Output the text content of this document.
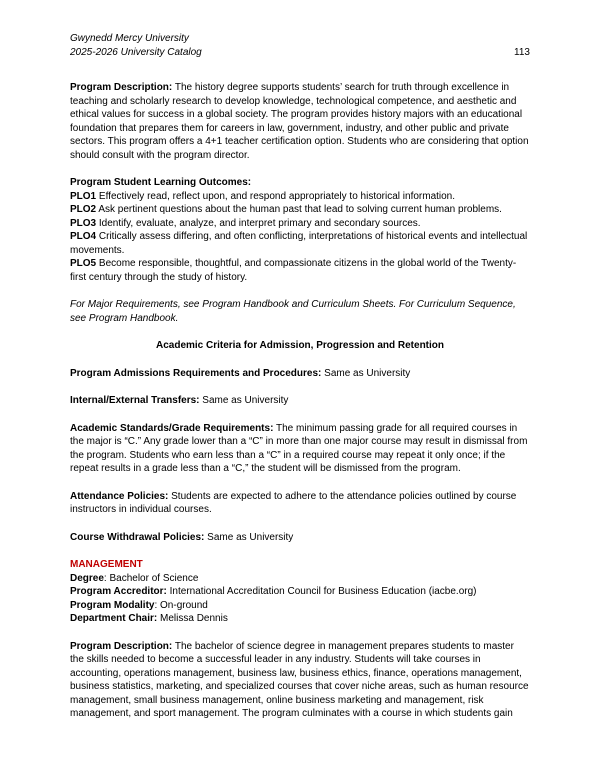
Gwynedd Mercy University
2025-2026 University Catalog	113

Program Description: The history degree supports students’ search for truth through excellence in teaching and scholarly research to develop knowledge, technological competence, and aesthetic and ethical values for success in a global society. The program provides history majors with an educational foundation that prepares them for careers in law, government, industry, and other public and private sectors. This program offers a 4+1 teacher certification option. Students who are considering that option should consult with the program director.

Program Student Learning Outcomes:

PLO1 Effectively read, reflect upon, and respond appropriately to historical information.

PLO2 Ask pertinent questions about the human past that lead to solving current human problems.

PLO3 Identify, evaluate, analyze, and interpret primary and secondary sources.

PLO4 Critically assess differing, and often conflicting, interpretations of historical events and intellectual movements.

PLO5 Become responsible, thoughtful, and compassionate citizens in the global world of the Twenty-first century through the study of history.

For Major Requirements, see Program Handbook and Curriculum Sheets. For Curriculum Sequence, see Program Handbook.

Academic Criteria for Admission, Progression and Retention

Program Admissions Requirements and Procedures: Same as University

Internal/External Transfers: Same as University

Academic Standards/Grade Requirements: The minimum passing grade for all required courses in the major is “C.” Any grade lower than a “C” in more than one major course may result in dismissal from the program. Students who earn less than a “C” in a required course may repeat it only once; if the repeat results in a grade less than a “C,” the student will be dismissed from the program.

Attendance Policies: Students are expected to adhere to the attendance policies outlined by course instructors in individual courses.

Course Withdrawal Policies: Same as University

MANAGEMENT

Degree: Bachelor of Science

Program Accreditor: International Accreditation Council for Business Education (iacbe.org)

Program Modality: On-ground

Department Chair: Melissa Dennis

Program Description: The bachelor of science degree in management prepares students to master the skills needed to become a successful leader in any industry. Students will take courses in accounting, operations management, business law, business ethics, finance, operations management, business statistics, marketing, and specialized courses that cover niche areas, such as human resource management, small business management, online business marketing and management, risk management, and sport management. The program culminates with a course in which students gain
